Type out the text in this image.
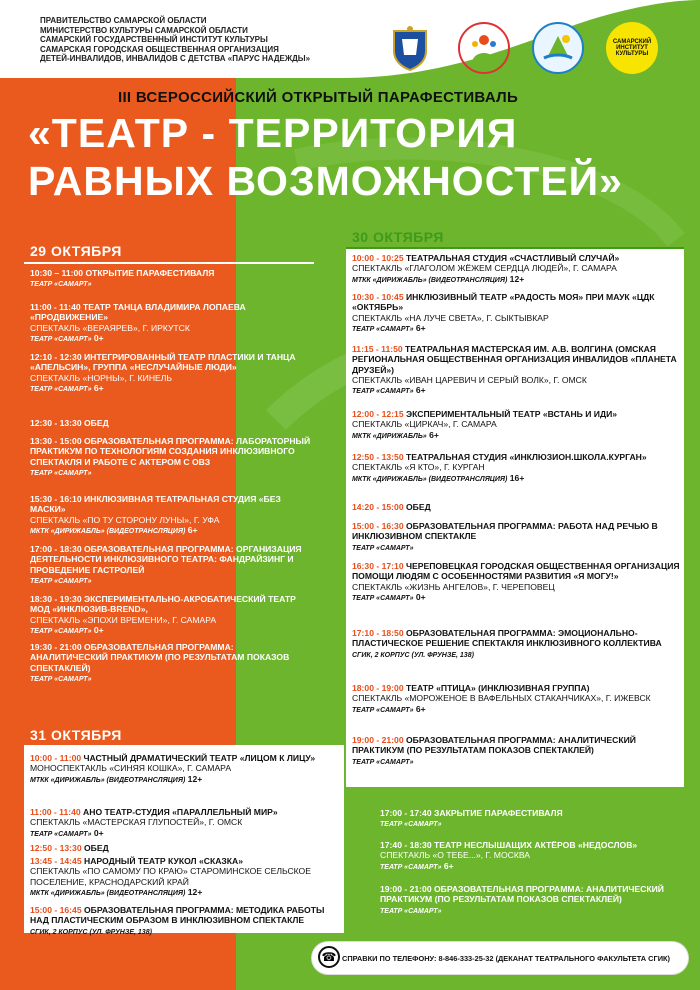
ПРАВИТЕЛЬСТВО САМАРСКОЙ ОБЛАСТИ
МИНИСТЕРСТВО КУЛЬТУРЫ САМАРСКОЙ ОБЛАСТИ
САМАРСКИЙ ГОСУДАРСТВЕННЫЙ ИНСТИТУТ КУЛЬТУРЫ
САМАРСКАЯ ГОРОДСКАЯ ОБЩЕСТВЕННАЯ ОРГАНИЗАЦИЯ
ДЕТЕЙ-ИНВАЛИДОВ, ИНВАЛИДОВ С ДЕТСТВА «ПАРУС НАДЕЖДЫ»
САМАРСКИЙ ИНСТИТУТ КУЛЬТУРЫ
III ВСЕРОССИЙСКИЙ ОТКРЫТЫЙ ПАРАФЕСТИВАЛЬ
«ТЕАТР - ТЕРРИТОРИЯ
РАВНЫХ ВОЗМОЖНОСТЕЙ»
29 ОКТЯБРЯ
10:30 – 11:00 ОТКРЫТИЕ ПАРАФЕСТИВАЛЯ
ТЕАТР «САМАРТ»
11:00 - 11:40 ТЕАТР ТАНЦА ВЛАДИМИРА ЛОПАЕВА «ПРОДВИЖЕНИЕ»
СПЕКТАКЛЬ «ВЕРАЯРЕВ», Г. ИРКУТСК
ТЕАТР «САМАРТ» 0+
12:10 - 12:30 ИНТЕГРИРОВАННЫЙ ТЕАТР ПЛАСТИКИ И ТАНЦА «АПЕЛЬСИН», ГРУППА «НЕСЛУЧАЙНЫЕ ЛЮДИ»
СПЕКТАКЛЬ «НОРНЫ», Г. КИНЕЛЬ
ТЕАТР «САМАРТ» 6+
12:30 - 13:30 ОБЕД
13:30 - 15:00 ОБРАЗОВАТЕЛЬНАЯ ПРОГРАММА: ЛАБОРАТОРНЫЙ ПРАКТИКУМ ПО ТЕХНОЛОГИЯМ СОЗДАНИЯ ИНКЛЮЗИВНОГО СПЕКТАКЛЯ И РАБОТЕ С АКТЕРОМ С ОВЗ
ТЕАТР «САМАРТ»
15:30 - 16:10 ИНКЛЮЗИВНАЯ ТЕАТРАЛЬНАЯ СТУДИЯ «БЕЗ МАСКИ»
СПЕКТАКЛЬ «ПО ТУ СТОРОНУ ЛУНЫ», Г. УФА
МКТК «ДИРИЖАБЛЬ» (ВИДЕОТРАНСЛЯЦИЯ) 6+
17:00 - 18:30 ОБРАЗОВАТЕЛЬНАЯ ПРОГРАММА: ОРГАНИЗАЦИЯ ДЕЯТЕЛЬНОСТИ ИНКЛЮЗИВНОГО ТЕАТРА: ФАНДРАЙЗИНГ И ПРОВЕДЕНИЕ ГАСТРОЛЕЙ
ТЕАТР «САМАРТ»
18:30 - 19:30 ЭКСПЕРИМЕНТАЛЬНО-АКРОБАТИЧЕСКИЙ ТЕАТР МОД «ИНКЛЮЗИВ-BREND»,
СПЕКТАКЛЬ «ЭПОХИ ВРЕМЕНИ», Г. САМАРА
ТЕАТР «САМАРТ» 0+
19:30 - 21:00 ОБРАЗОВАТЕЛЬНАЯ ПРОГРАММА: АНАЛИТИЧЕСКИЙ ПРАКТИКУМ (ПО РЕЗУЛЬТАТАМ ПОКАЗОВ СПЕКТАКЛЕЙ)
ТЕАТР «САМАРТ»
30 ОКТЯБРЯ
10:00 - 10:25 ТЕАТРАЛЬНАЯ СТУДИЯ «СЧАСТЛИВЫЙ СЛУЧАЙ»
СПЕКТАКЛЬ «ГЛАГОЛОМ ЖЁЖЕМ СЕРДЦА ЛЮДЕЙ», Г. САМАРА
МТКК «ДИРИЖАБЛЬ» (ВИДЕОТРАНСЛЯЦИЯ) 12+
10:30 - 10:45 ИНКЛЮЗИВНЫЙ ТЕАТР «РАДОСТЬ МОЯ» ПРИ МАУК «ЦДК «ОКТЯБРЬ»
СПЕКТАКЛЬ «НА ЛУЧЕ СВЕТА», Г. СЫКТЫВКАР
ТЕАТР «САМАРТ» 6+
11:15 - 11:50 ТЕАТРАЛЬНАЯ МАСТЕРСКАЯ ИМ. А.В. ВОЛГИНА (ОМСКАЯ РЕГИОНАЛЬНАЯ ОБЩЕСТВЕННАЯ ОРГАНИЗАЦИЯ ИНВАЛИДОВ «ПЛАНЕТА ДРУЗЕЙ»)
СПЕКТАКЛЬ «ИВАН ЦАРЕВИЧ И СЕРЫЙ ВОЛК», Г. ОМСК
ТЕАТР «САМАРТ» 6+
12:00 - 12:15 ЭКСПЕРИМЕНТАЛЬНЫЙ ТЕАТР «ВСТАНЬ И ИДИ»
СПЕКТАКЛЬ «ЦИРКАЧ», Г. САМАРА
МКТК «ДИРИЖАБЛЬ» 6+
12:50 - 13:50 ТЕАТРАЛЬНАЯ СТУДИЯ «ИНКЛЮЗИОН.ШКОЛА.КУРГАН»
СПЕКТАКЛЬ «Я КТО», Г. КУРГАН
МКТК «ДИРИЖАБЛЬ» (ВИДЕОТРАНСЛЯЦИЯ) 16+
14:20 - 15:00 ОБЕД
15:00 - 16:30 ОБРАЗОВАТЕЛЬНАЯ ПРОГРАММА: РАБОТА НАД РЕЧЬЮ В ИНКЛЮЗИВНОМ СПЕКТАКЛЕ
ТЕАТР «САМАРТ»
16:30 - 17:10 ЧЕРЕПОВЕЦКАЯ ГОРОДСКАЯ ОБЩЕСТВЕННАЯ ОРГАНИЗАЦИЯ ПОМОЩИ ЛЮДЯМ С ОСОБЕННОСТЯМИ РАЗВИТИЯ «Я МОГУ!»
СПЕКТАКЛЬ «ЖИЗНЬ АНГЕЛОВ», Г. ЧЕРЕПОВЕЦ
ТЕАТР «САМАРТ» 0+
17:10 - 18:50 ОБРАЗОВАТЕЛЬНАЯ ПРОГРАММА: ЭМОЦИОНАЛЬНО-ПЛАСТИЧЕСКОЕ РЕШЕНИЕ СПЕКТАКЛЯ ИНКЛЮЗИВНОГО КОЛЛЕКТИВА
СГИК, 2 КОРПУС (УЛ. ФРУНЗЕ, 138)
18:00 - 19:00 ТЕАТР «ПТИЦА» (ИНКЛЮЗИВНАЯ ГРУППА)
СПЕКТАКЛЬ «МОРОЖЕНОЕ В ВАФЕЛЬНЫХ СТАКАНЧИКАХ», Г. ИЖЕВСК
ТЕАТР «САМАРТ» 6+
19:00 - 21:00 ОБРАЗОВАТЕЛЬНАЯ ПРОГРАММА: АНАЛИТИЧЕСКИЙ ПРАКТИКУМ (ПО РЕЗУЛЬТАТАМ ПОКАЗОВ СПЕКТАКЛЕЙ)
ТЕАТР «САМАРТ»
31 ОКТЯБРЯ
10:00 - 11:00 ЧАСТНЫЙ ДРАМАТИЧЕСКИЙ ТЕАТР «ЛИЦОМ К ЛИЦУ»
МОНОСПЕКТАКЛЬ «СИНЯЯ КОШКА», Г. САМАРА
МТКК «ДИРИЖАБЛЬ» (ВИДЕОТРАНСЛЯЦИЯ) 12+
11:00 - 11:40 АНО ТЕАТР-СТУДИЯ «ПАРАЛЛЕЛЬНЫЙ МИР»
СПЕКТАКЛЬ «МАСТЕРСКАЯ ГЛУПОСТЕЙ», Г. ОМСК
ТЕАТР «САМАРТ» 0+
12:50 - 13:30 ОБЕД
13:45 - 14:45 НАРОДНЫЙ ТЕАТР КУКОЛ «СКАЗКА»
СПЕКТАКЛЬ «ПО САМОМУ ПО КРАЮ» СТАРОМИНСКОЕ СЕЛЬСКОЕ ПОСЕЛЕНИЕ, КРАСНОДАРСКИЙ КРАЙ
МКТК «ДИРИЖАБЛЬ» (ВИДЕОТРАНСЛЯЦИЯ) 12+
15:00 - 16:45 ОБРАЗОВАТЕЛЬНАЯ ПРОГРАММА: МЕТОДИКА РАБОТЫ НАД ПЛАСТИЧЕСКИМ ОБРАЗОМ В ИНКЛЮЗИВНОМ СПЕКТАКЛЕ
СГИК, 2 КОРПУС (УЛ. ФРУНЗЕ, 138)
17:00 - 17:40 ЗАКРЫТИЕ ПАРАФЕСТИВАЛЯ
ТЕАТР «САМАРТ»
17:40 - 18:30 ТЕАТР НЕСЛЫШАЩИХ АКТЁРОВ «НЕДОСЛОВ»
СПЕКТАКЛЬ «О ТЕБЕ...», Г. МОСКВА
ТЕАТР «САМАРТ» 6+
19:00 - 21:00 ОБРАЗОВАТЕЛЬНАЯ ПРОГРАММА: АНАЛИТИЧЕСКИЙ ПРАКТИКУМ (ПО РЕЗУЛЬТАТАМ ПОКАЗОВ СПЕКТАКЛЕЙ)
ТЕАТР «САМАРТ»
☎ СПРАВКИ ПО ТЕЛЕФОНУ: 8-846-333-25-32 (ДЕКАНАТ ТЕАТРАЛЬНОГО ФАКУЛЬТЕТА СГИК)
